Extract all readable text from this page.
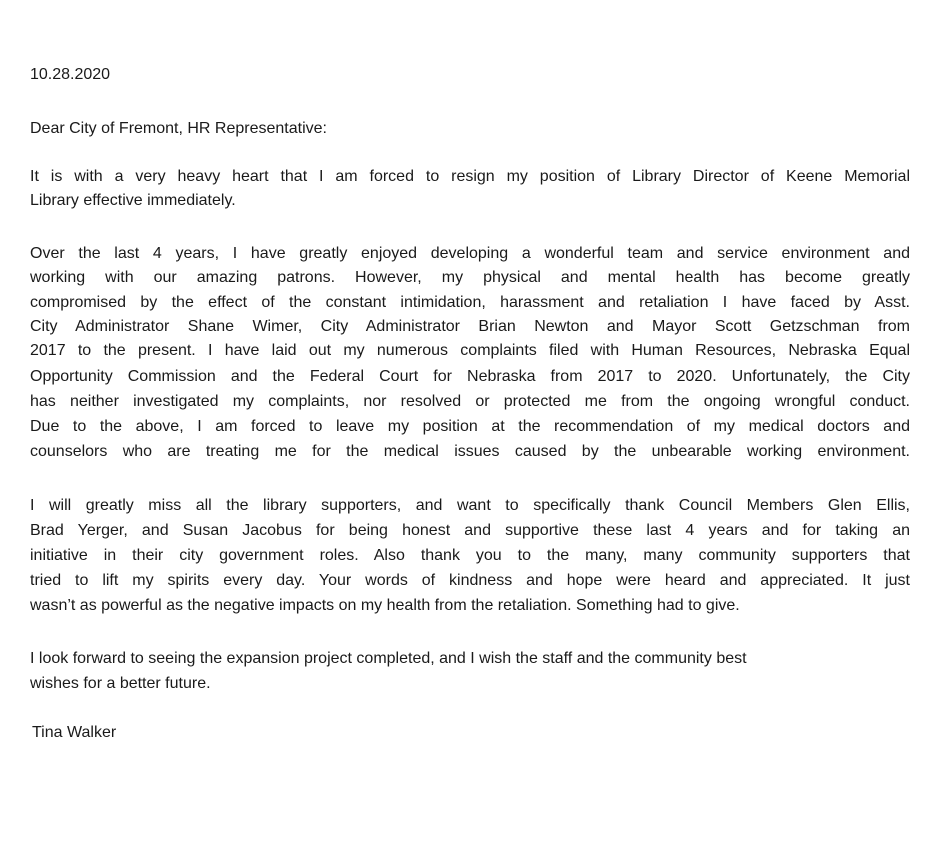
10.28.2020
Dear City of Fremont, HR Representative:
It is with a very heavy heart that I am forced to resign my position of Library Director of Keene Memorial
Library effective immediately.
Over the last 4 years, I have greatly enjoyed developing a wonderful team and service environment and
working with our amazing patrons. However, my physical and mental health has become greatly
compromised by the effect of the constant intimidation, harassment and retaliation I have faced by Asst.
City Administrator Shane Wimer, City Administrator Brian Newton and Mayor Scott Getzschman from
2017 to the present. I have laid out my numerous complaints filed with Human Resources, Nebraska Equal
Opportunity Commission and the Federal Court for Nebraska from 2017 to 2020. Unfortunately, the City
has neither investigated my complaints, nor resolved or protected me from the ongoing wrongful conduct.
Due to the above, I am forced to leave my position at the recommendation of my medical doctors and
counselors who are treating me for the medical issues caused by the unbearable working environment.
I will greatly miss all the library supporters, and want to specifically thank Council Members Glen Ellis,
Brad Yerger, and Susan Jacobus for being honest and supportive these last 4 years and for taking an
initiative in their city government roles. Also thank you to the many, many community supporters that
tried to lift my spirits every day. Your words of kindness and hope were heard and appreciated. It just
wasn’t as powerful as the negative impacts on my health from the retaliation. Something had to give.
I look forward to seeing the expansion project completed, and I wish the staff and the community best
wishes for a better future.
Tina Walker
